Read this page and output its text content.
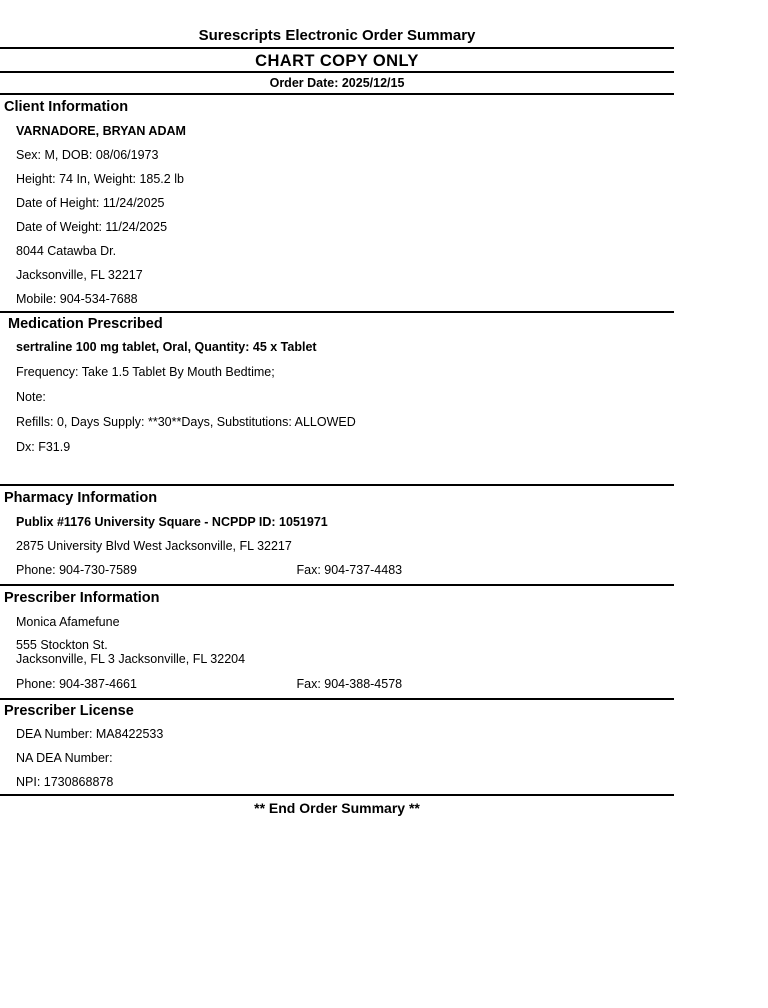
Surescripts Electronic Order Summary
CHART COPY ONLY
Order Date: 2025/12/15
Client Information
VARNADORE, BRYAN ADAM
Sex: M, DOB: 08/06/1973
Height: 74 In, Weight: 185.2 lb
Date of Height: 11/24/2025
Date of Weight: 11/24/2025
8044 Catawba Dr.
Jacksonville, FL 32217
Mobile: 904-534-7688
Medication Prescribed
sertraline 100 mg tablet, Oral, Quantity: 45 x Tablet
Frequency: Take 1.5 Tablet By Mouth Bedtime;
Note:
Refills: 0, Days Supply: **30**Days, Substitutions: ALLOWED
Dx: F31.9
Pharmacy Information
Publix #1176 University Square - NCPDP ID: 1051971
2875 University Blvd West Jacksonville, FL 32217
Phone: 904-730-7589	Fax: 904-737-4483
Prescriber Information
Monica Afamefune
555 Stockton St.
Jacksonville, FL 3 Jacksonville, FL 32204
Phone: 904-387-4661	Fax: 904-388-4578
Prescriber License
DEA Number: MA8422533
NA DEA Number:
NPI: 1730868878
** End Order Summary **
